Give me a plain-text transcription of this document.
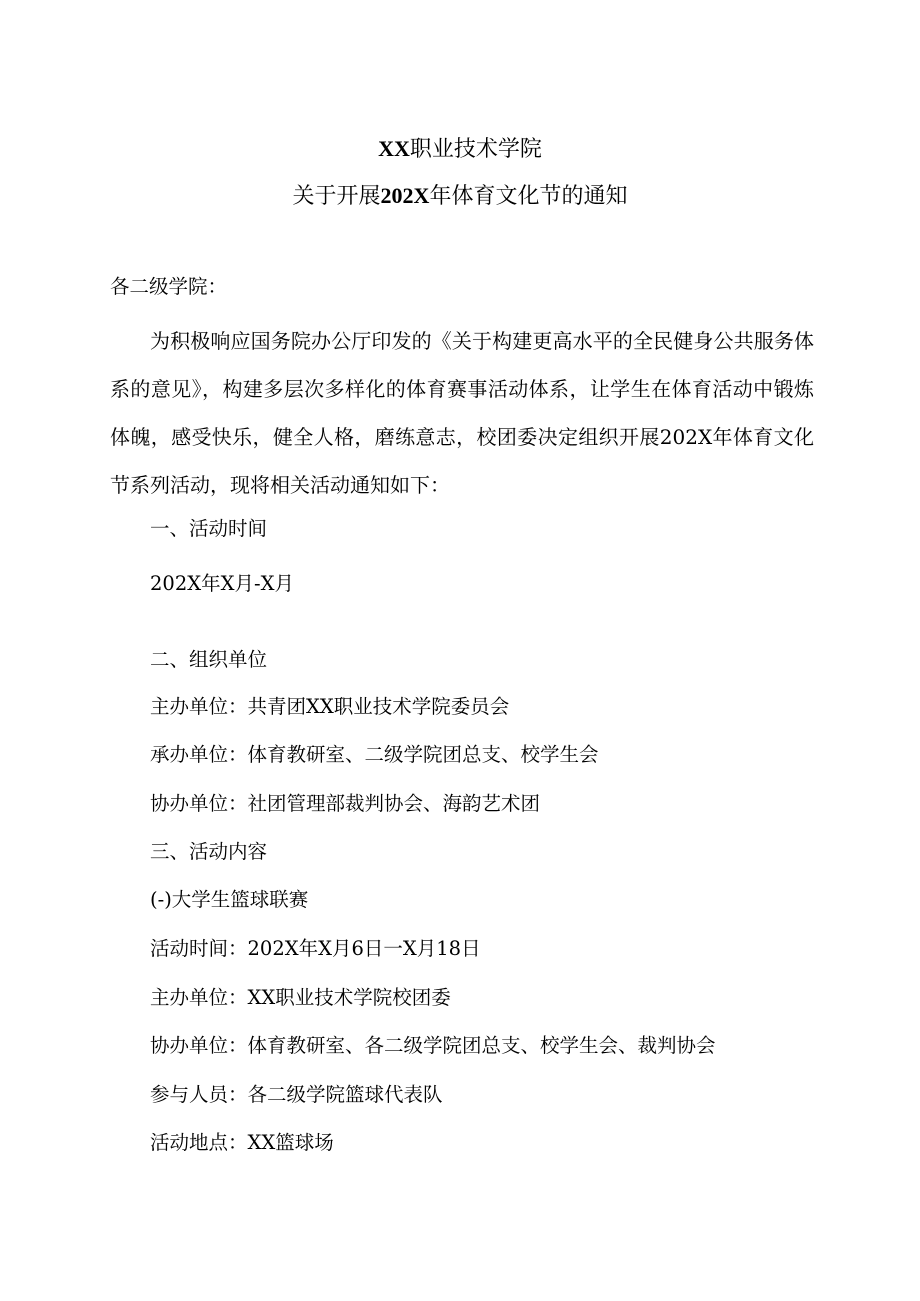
XX职业技术学院
关于开展202X年体育文化节的通知
各二级学院：
为积极响应国务院办公厅印发的《关于构建更高水平的全民健身公共服务体系的意见》，构建多层次多样化的体育赛事活动体系，让学生在体育活动中锻炼体魄，感受快乐，健全人格，磨练意志，校团委决定组织开展202X年体育文化节系列活动，现将相关活动通知如下：
一、活动时间
202X年X月-X月
二、组织单位
主办单位：共青团XX职业技术学院委员会
承办单位：体育教研室、二级学院团总支、校学生会
协办单位：社团管理部裁判协会、海韵艺术团
三、活动内容
(-)大学生篮球联赛
活动时间：202X年X月6日一X月18日
主办单位：XX职业技术学院校团委
协办单位：体育教研室、各二级学院团总支、校学生会、裁判协会
参与人员：各二级学院篮球代表队
活动地点：XX篮球场
